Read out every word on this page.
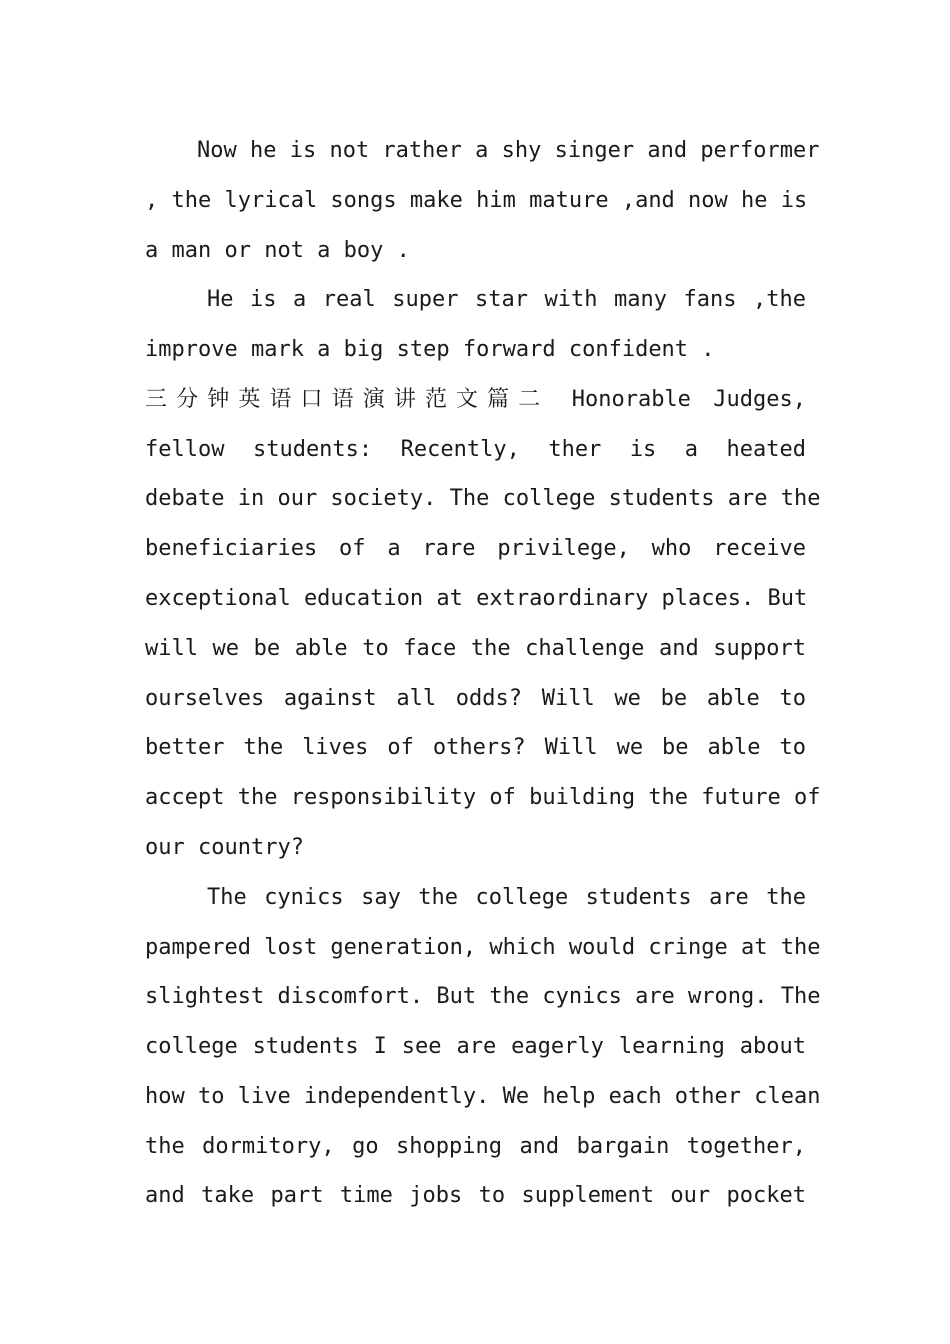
Now he is not rather a shy singer and performer
, the lyrical songs make him mature ,and now he is
a man or not a boy .
He is a real super star with many fans ,the
improve mark a big step forward confident .
三分钟英语口语演讲范文篇二 Honorable Judges,
fellow students: Recently, ther is a heated
debate in our society. The college students are the
beneficiaries of a rare privilege, who receive
exceptional education at extraordinary places. But
will we be able to face the challenge and support
ourselves against all odds? Will we be able to
better the lives of others? Will we be able to
accept the responsibility of building the future of
our country?
The cynics say the college students are the
pampered lost generation, which would cringe at the
slightest discomfort. But the cynics are wrong. The
college students I see are eagerly learning about
how to live independently. We help each other clean
the dormitory, go shopping and bargain together,
and take part time jobs to supplement our pocket
